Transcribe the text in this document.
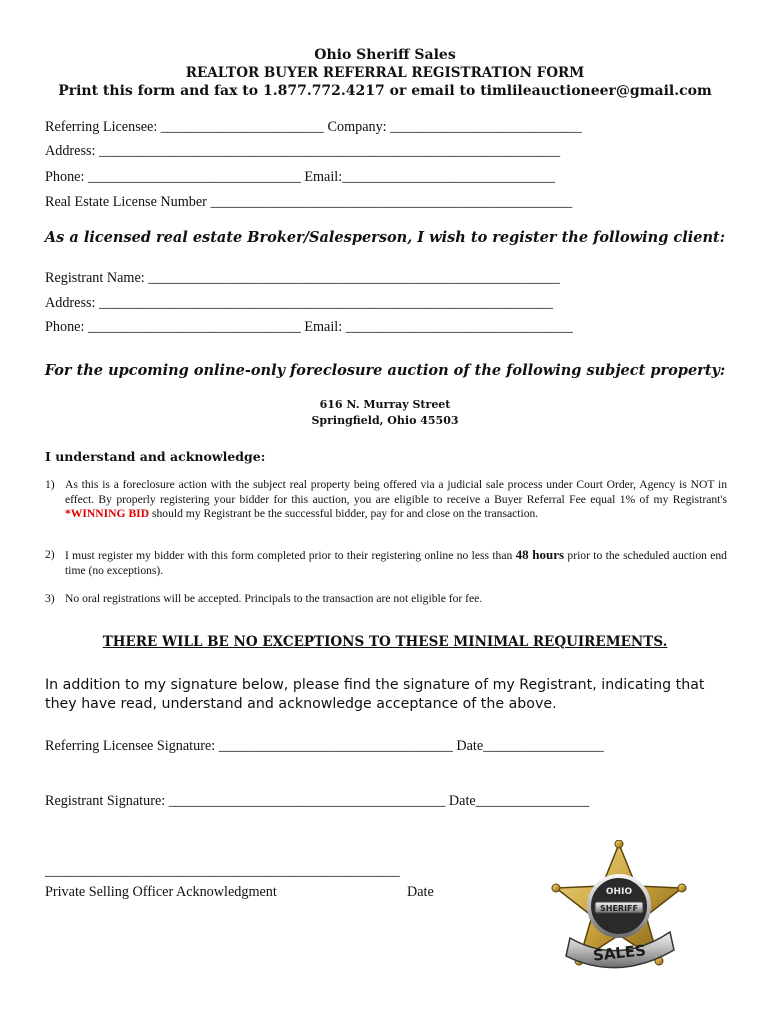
Ohio Sheriff Sales
REALTOR BUYER REFERRAL REGISTRATION FORM
Print this form and fax to 1.877.772.4217 or email to timlileauctioneer@gmail.com
Referring Licensee: _______________________ Company: ___________________________
Address: _________________________________________________________________
Phone: ______________________________ Email:______________________________
Real Estate License Number ___________________________________________________
As a licensed real estate Broker/Salesperson, I wish to register the following client:
Registrant Name: __________________________________________________________
Address: ________________________________________________________________
Phone: ______________________________ Email: ________________________________
For the upcoming online-only foreclosure auction of the following subject property:
616 N. Murray Street
Springfield, Ohio 45503
I understand and acknowledge:
1) As this is a foreclosure action with the subject real property being offered via a judicial sale process under Court Order, Agency is NOT in effect. By properly registering your bidder for this auction, you are eligible to receive a Buyer Referral Fee equal 1% of my Registrant's *WINNING BID should my Registrant be the successful bidder, pay for and close on the transaction.
2) I must register my bidder with this form completed prior to their registering online no less than 48 hours prior to the scheduled auction end time (no exceptions).
3) No oral registrations will be accepted. Principals to the transaction are not eligible for fee.
THERE WILL BE NO EXCEPTIONS TO THESE MINIMAL REQUIREMENTS.
In addition to my signature below, please find the signature of my Registrant, indicating that they have read, understand and acknowledge acceptance of the above.
Referring Licensee Signature: _________________________________ Date_________________
Registrant Signature: _______________________________________ Date________________
__________________________________________________
Private Selling Officer Acknowledgment	Date	OHIO
SHERIFF
SALES
